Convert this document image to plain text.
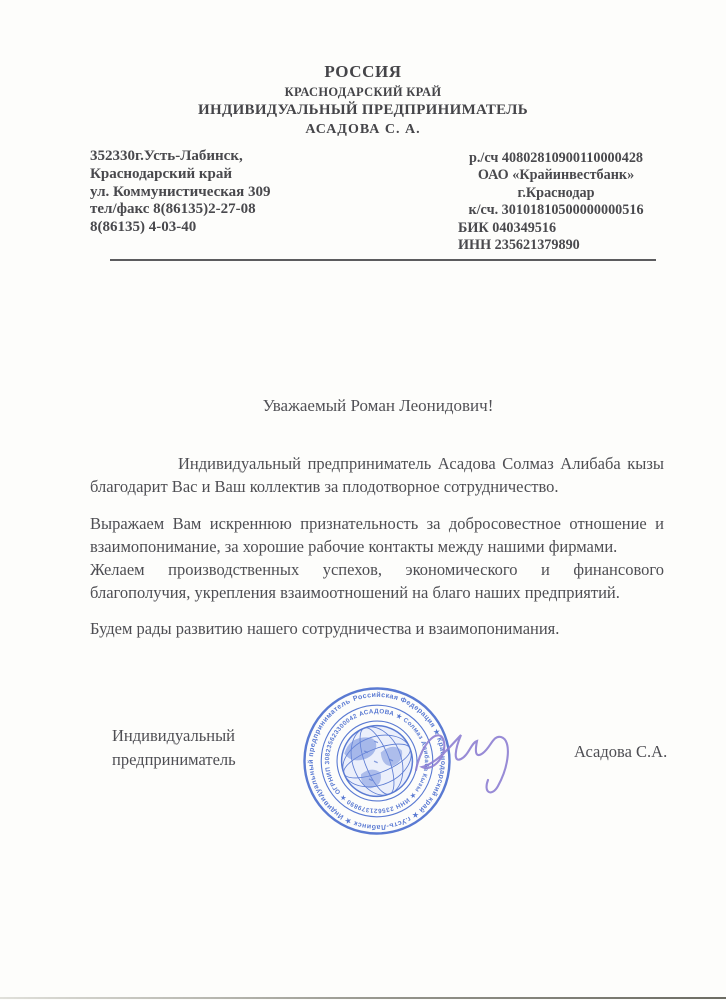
РОССИЯ
КРАСНОДАРСКИЙ КРАЙ
ИНДИВИДУАЛЬНЫЙ ПРЕДПРИНИМАТЕЛЬ
АСАДОВА С. А.
352330г.Усть-Лабинск,
Краснодарский край
ул. Коммунистическая 309
тел/факс 8(86135)2-27-08
8(86135) 4-03-40
р./сч 40802810900110000428
ОАО «Крайинвестбанк»
г.Краснодар
к/сч. 30101810500000000516
БИК 040349516
ИНН 235621379890
Уважаемый Роман Леонидович!

Индивидуальный предприниматель Асадова Солмаз Алибаба кызы благодарит Вас и Ваш коллектив за плодотворное сотрудничество.

Выражаем Вам искреннюю признательность за добросовестное отношение и взаимопонимание, за хорошие рабочие контакты между нашими фирмами.

Желаем производственных успехов, экономического и финансового благополучия, укрепления взаимоотношений на благо наших предприятий.

Будем рады развитию нашего сотрудничества и взаимопонимания.

Индивидуальный
предприниматель	Асадова С.А.
Российская Федерация ★ Краснодарский край ★ г.Усть-Лабинск ★ Индивидуальный предприниматель
АСАДОВА ★ Солмаз Алибаба Кызы ★ ИНН 235621379890 ★ ОГРНИП 308235623300042
